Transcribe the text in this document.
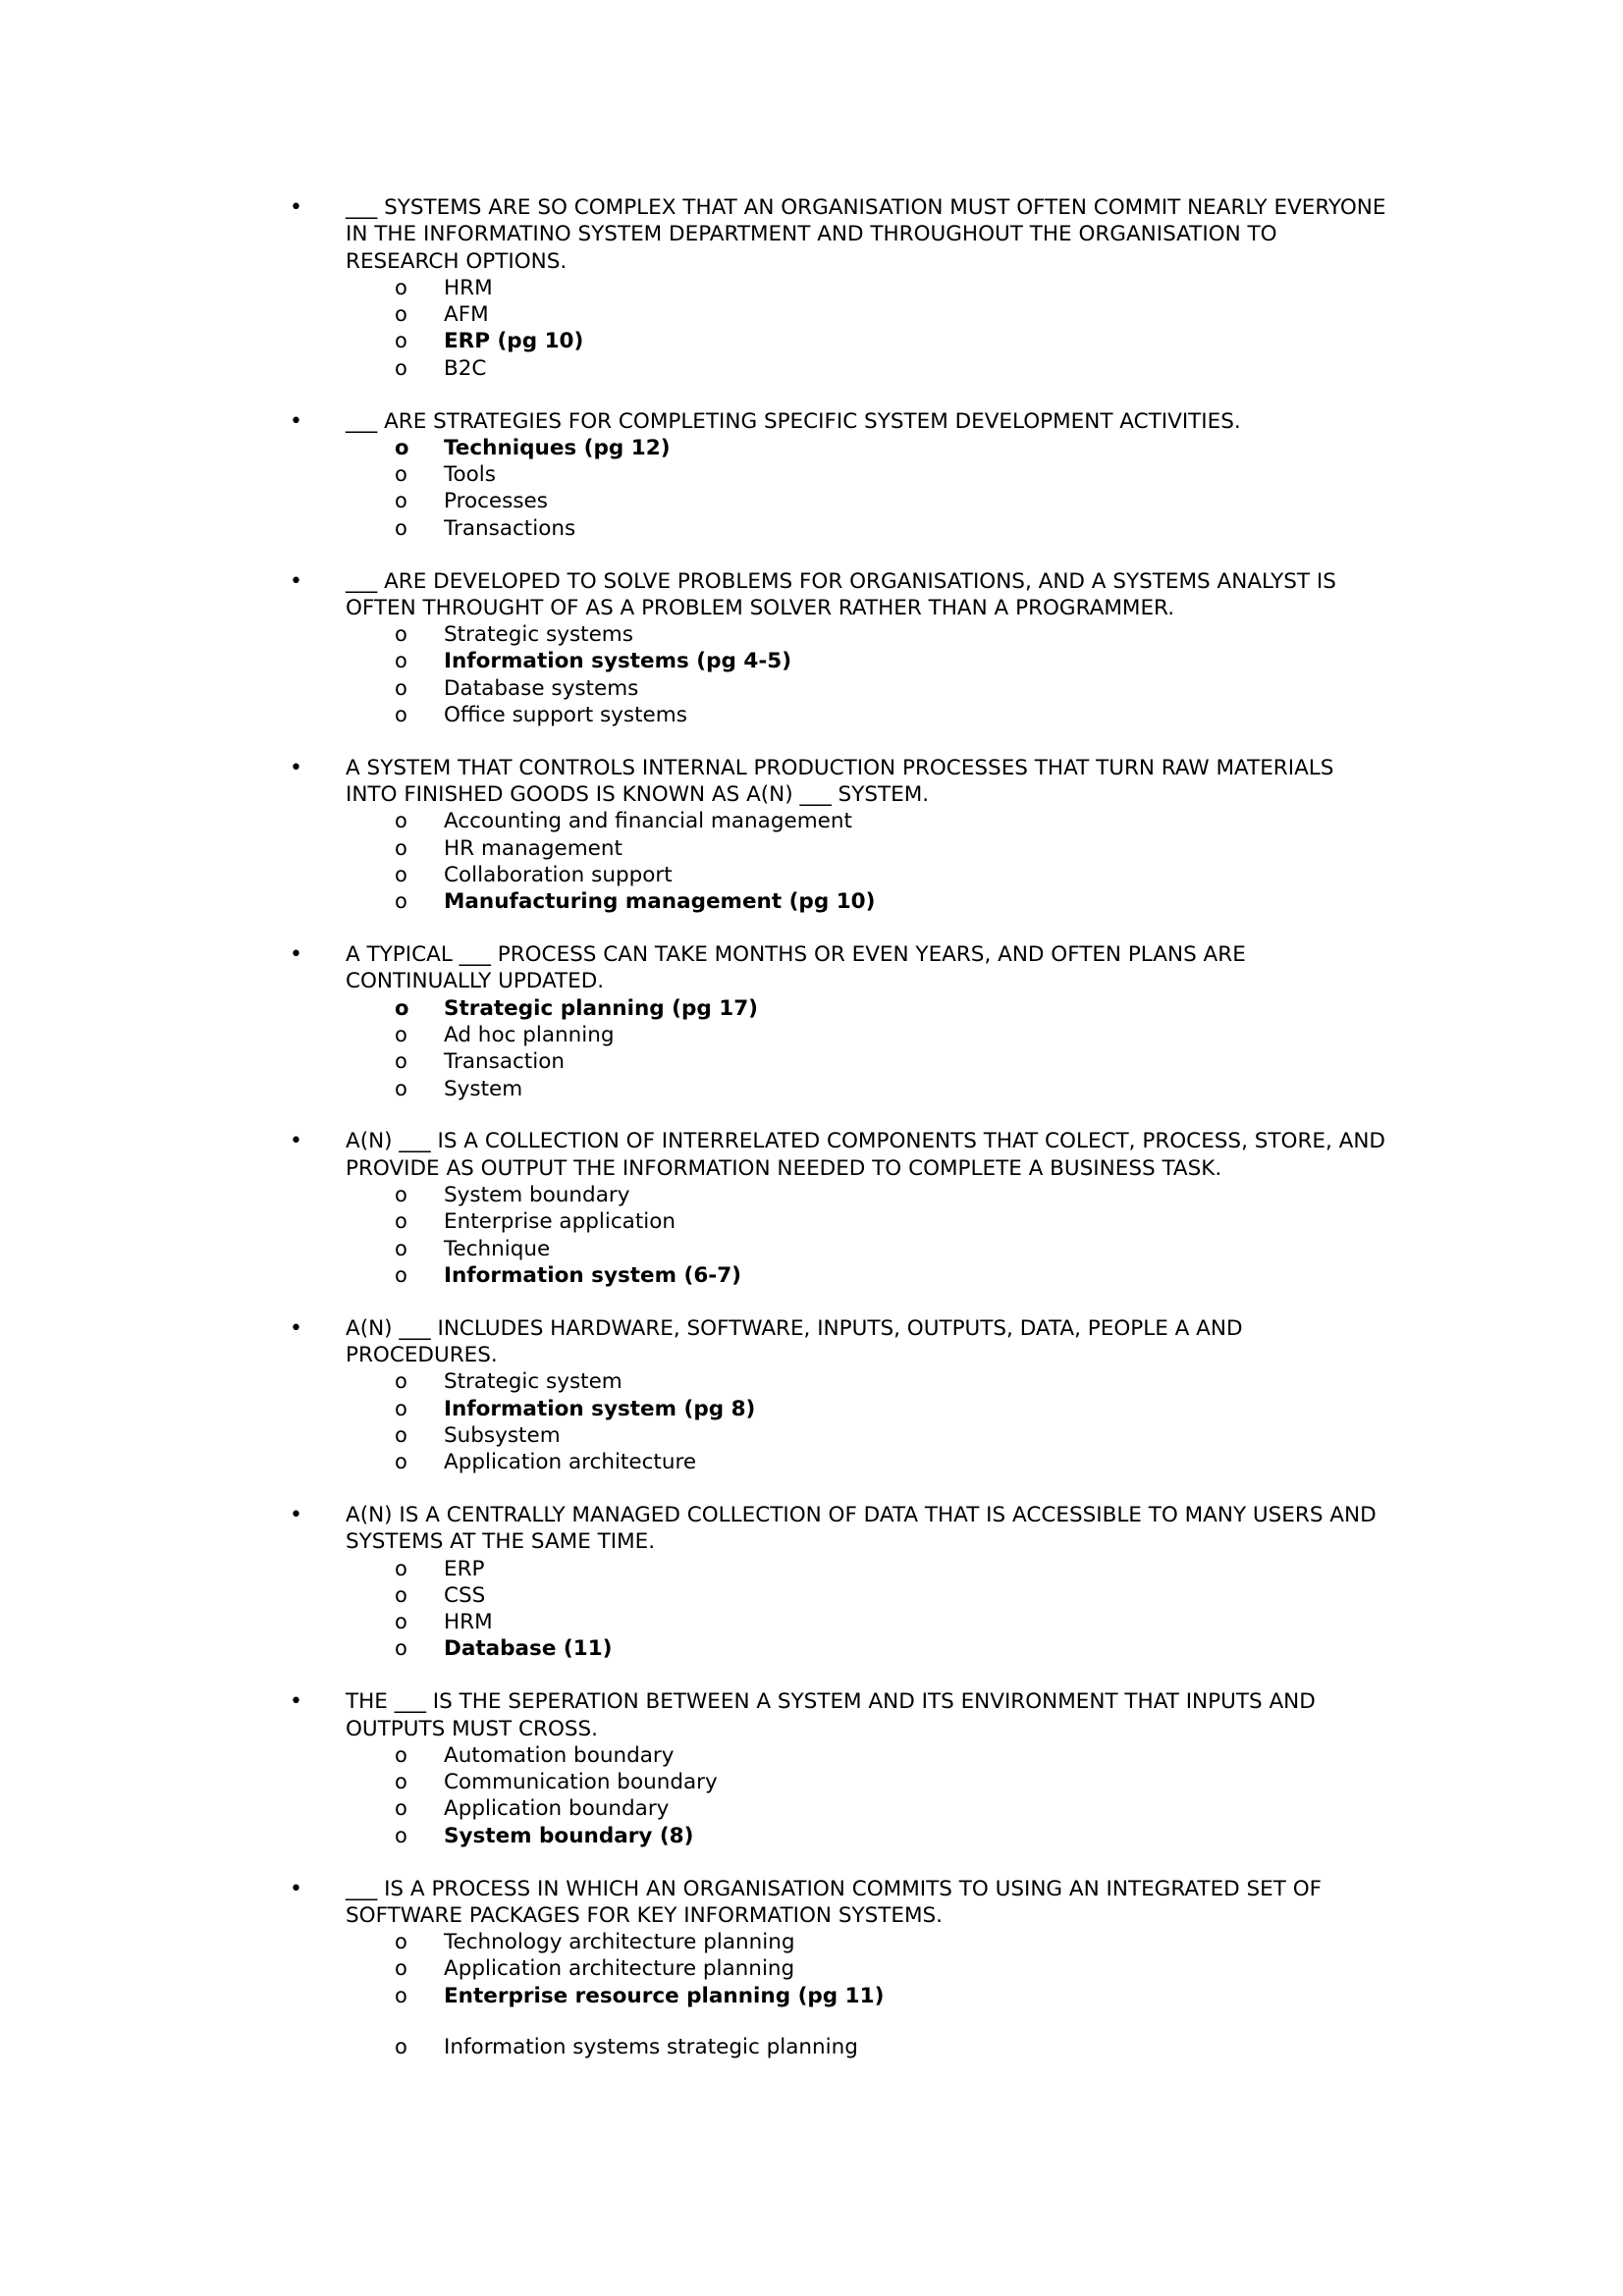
• ___ SYSTEMS ARE SO COMPLEX THAT AN ORGANISATION MUST OFTEN COMMIT NEARLY EVERYONE IN THE INFORMATINO SYSTEM DEPARTMENT AND THROUGHOUT THE ORGANISATION TO RESEARCH OPTIONS.
o HRM
o AFM
o ERP (pg 10)
o B2C
• ___ ARE STRATEGIES FOR COMPLETING SPECIFIC SYSTEM DEVELOPMENT ACTIVITIES.
o Techniques (pg 12)
o Tools
o Processes
o Transactions
• ___ ARE DEVELOPED TO SOLVE PROBLEMS FOR ORGANISATIONS, AND A SYSTEMS ANALYST IS OFTEN THROUGHT OF AS A PROBLEM SOLVER RATHER THAN A PROGRAMMER.
o Strategic systems
o Information systems (pg 4-5)
o Database systems
o Office support systems
• A SYSTEM THAT CONTROLS INTERNAL PRODUCTION PROCESSES THAT TURN RAW MATERIALS INTO FINISHED GOODS IS KNOWN AS A(N) ___ SYSTEM.
o Accounting and financial management
o HR management
o Collaboration support
o Manufacturing management (pg 10)
• A TYPICAL ___ PROCESS CAN TAKE MONTHS OR EVEN YEARS, AND OFTEN PLANS ARE CONTINUALLY UPDATED.
o Strategic planning (pg 17)
o Ad hoc planning
o Transaction
o System
• A(N) ___ IS A COLLECTION OF INTERRELATED COMPONENTS THAT COLECT, PROCESS, STORE, AND PROVIDE AS OUTPUT THE INFORMATION NEEDED TO COMPLETE A BUSINESS TASK.
o System boundary
o Enterprise application
o Technique
o Information system (6-7)
• A(N) ___ INCLUDES HARDWARE, SOFTWARE, INPUTS, OUTPUTS, DATA, PEOPLE A AND PROCEDURES.
o Strategic system
o Information system (pg 8)
o Subsystem
o Application architecture
• A(N) IS A CENTRALLY MANAGED COLLECTION OF DATA THAT IS ACCESSIBLE TO MANY USERS AND SYSTEMS AT THE SAME TIME.
o ERP
o CSS
o HRM
o Database (11)
• THE ___ IS THE SEPERATION BETWEEN A SYSTEM AND ITS ENVIRONMENT THAT INPUTS AND OUTPUTS MUST CROSS.
o Automation boundary
o Communication boundary
o Application boundary
o System boundary (8)
• ___ IS A PROCESS IN WHICH AN ORGANISATION COMMITS TO USING AN INTEGRATED SET OF SOFTWARE PACKAGES FOR KEY INFORMATION SYSTEMS.
o Technology architecture planning
o Application architecture planning
o Enterprise resource planning (pg 11)
o Information systems strategic planning
